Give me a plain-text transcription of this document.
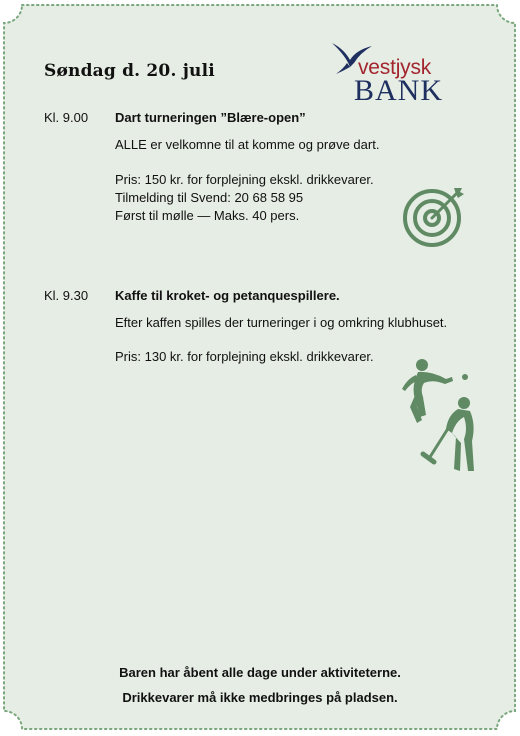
Søndag d. 20. juli	vestjysk
BANK
Kl. 9.00 Dart turneringen ”Blære-open”
ALLE er velkomne til at komme og prøve dart.
Pris: 150 kr. for forplejning ekskl. drikkevarer.
Tilmelding til Svend: 20 68 58 95
Først til mølle — Maks. 40 pers.
Kl. 9.30 Kaffe til kroket- og petanquespillere.
Efter kaffen spilles der turneringer i og omkring klubhuset.
Pris: 130 kr. for forplejning ekskl. drikkevarer.
Baren har åbent alle dage under aktiviteterne.
Drikkevarer må ikke medbringes på pladsen.
